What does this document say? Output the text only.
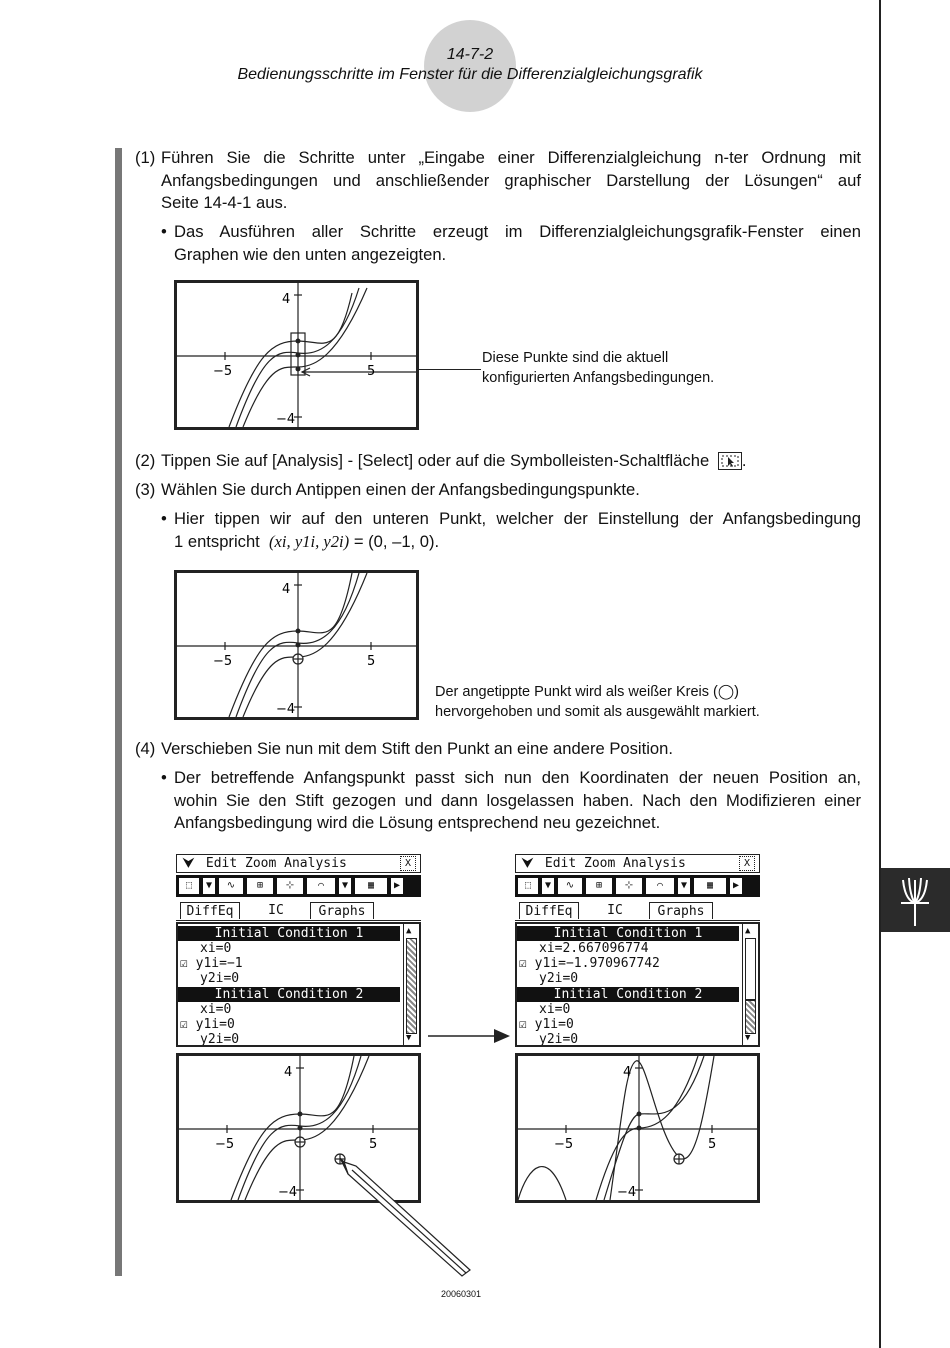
14-7-2
Bedienungsschritte im Fenster für die Differenzialgleichungsgrafik
(1) Führen Sie die Schritte unter „Eingabe einer Differenzialgleichung n-ter Ordnung mit
Anfangsbedingungen und anschließender graphischer Darstellung der Lösungen“ auf
Seite 14-4-1 aus.
• Das Ausführen aller Schritte erzeugt im Differenzialgleichungsgrafik-Fenster einen
Graphen wie den unten angezeigten.
4
−4
−5	5
Diese Punkte sind die aktuell
konfigurierten Anfangsbedingungen.
(2) Tippen Sie auf [Analysis] - [Select] oder auf die Symbolleisten-Schaltfläche .
(3) Wählen Sie durch Antippen einen der Anfangsbedingungspunkte.
• Hier tippen wir auf den unteren Punkt, welcher der Einstellung der Anfangsbedingung
1 entspricht (xi, y1i, y2i) = (0, –1, 0).
4
−4
−5	5
Der angetippte Punkt wird als weißer Kreis (◯)
hervorgehoben und somit als ausgewählt markiert.
(4) Verschieben Sie nun mit dem Stift den Punkt an eine andere Position.
• Der betreffende Anfangspunkt passt sich nun den Koordinaten der neuen Position an,
wohin Sie den Stift gezogen und dann losgelassen haben. Nach den Modifizieren einer
Anfangsbedingung wird die Lösung entsprechend neu gezeichnet.
⮟ Edit Zoom Analysis	X
⬚	▼	∿	⊞	⊹	⌒	▼	▦	▶
DiffEq	IC	Graphs
Initial Condition 1
xi=0
☑ y1i=−1
y2i=0
Initial Condition 2
xi=0
☑ y1i=0
y2i=0
▲
▼
4
−4
−5	5
⮟ Edit Zoom Analysis	X
⬚	▼	∿	⊞	⊹	⌒	▼	▦	▶
DiffEq	IC	Graphs
Initial Condition 1
xi=2.667096774
☑ y1i=−1.970967742
y2i=0
Initial Condition 2
xi=0
☑ y1i=0
y2i=0
▲
▼
4
−4
−5	5
20060301
